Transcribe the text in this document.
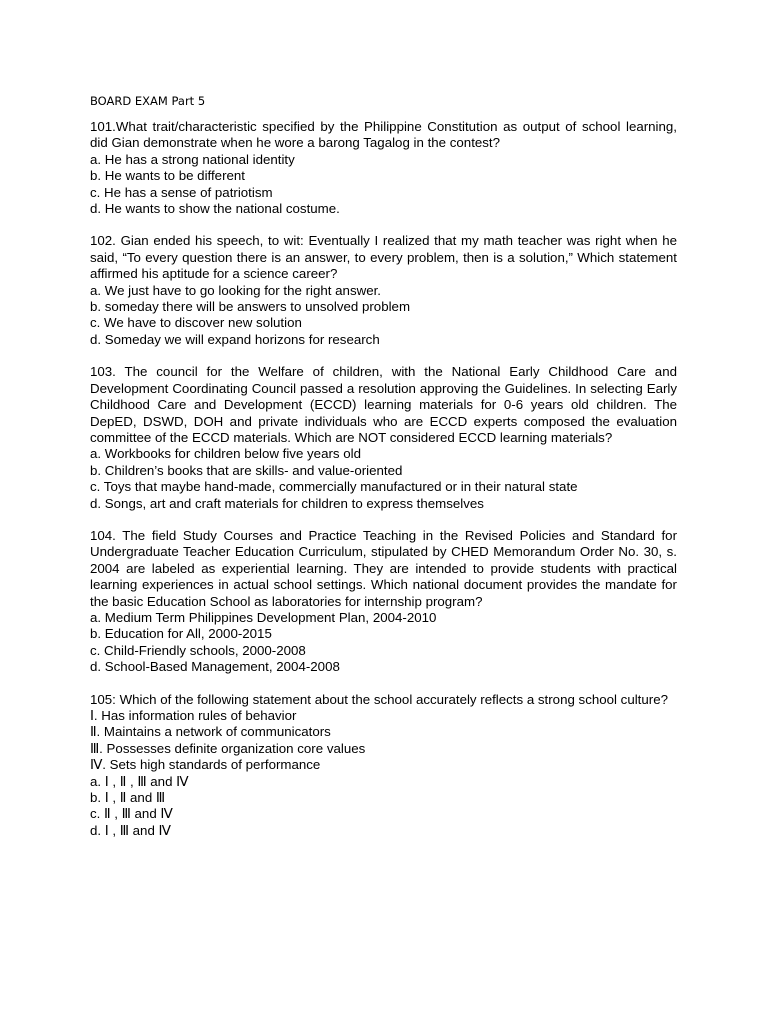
BOARD EXAM Part 5

101.What trait/characteristic specified by the Philippine Constitution as output of school learning, did Gian demonstrate when he wore a barong Tagalog in the contest?

a. He has a strong national identity

b. He wants to be different

c. He has a sense of patriotism

d. He wants to show the national costume.

102. Gian ended his speech, to wit: Eventually I realized that my math teacher was right when he said, “To every question there is an answer, to every problem, then is a solution,” Which statement affirmed his aptitude for a science career?

a. We just have to go looking for the right answer.

b. someday there will be answers to unsolved problem

c. We have to discover new solution

d. Someday we will expand horizons for research

103. The council for the Welfare of children, with the National Early Childhood Care and Development Coordinating Council passed a resolution approving the Guidelines. In selecting Early Childhood Care and Development (ECCD) learning materials for 0-6 years old children. The DepED, DSWD, DOH and private individuals who are ECCD experts composed the evaluation committee of the ECCD materials. Which are NOT considered ECCD learning materials?

a. Workbooks for children below five years old

b. Children’s books that are skills- and value-oriented

c. Toys that maybe hand-made, commercially manufactured or in their natural state

d. Songs, art and craft materials for children to express themselves

104. The field Study Courses and Practice Teaching in the Revised Policies and Standard for Undergraduate Teacher Education Curriculum, stipulated by CHED Memorandum Order No. 30, s. 2004 are labeled as experiential learning. They are intended to provide students with practical learning experiences in actual school settings. Which national document provides the mandate for the basic Education School as laboratories for internship program?

a. Medium Term Philippines Development Plan, 2004-2010

b. Education for All, 2000-2015

c. Child-Friendly schools, 2000-2008

d. School-Based Management, 2004-2008

105: Which of the following statement about the school accurately reflects a strong school culture?

Ⅰ. Has information rules of behavior

Ⅱ. Maintains a network of communicators

Ⅲ. Possesses definite organization core values

Ⅳ. Sets high standards of performance

a. Ⅰ , Ⅱ , Ⅲ and Ⅳ

b. Ⅰ , Ⅱ and Ⅲ

c. Ⅱ , Ⅲ and Ⅳ

d. Ⅰ , Ⅲ and Ⅳ
